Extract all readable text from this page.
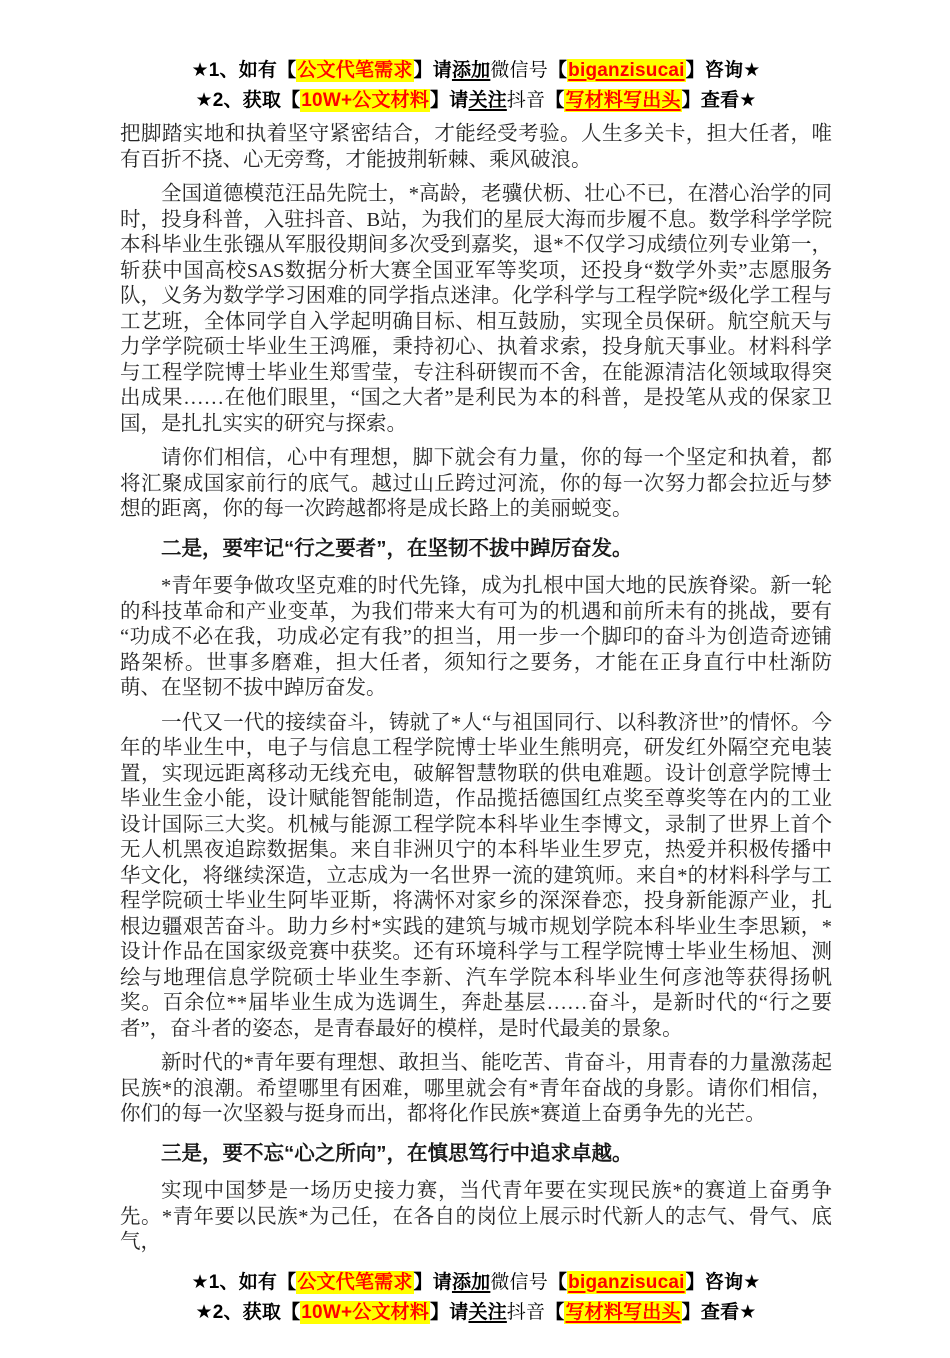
★1、如有【公文代笔需求】请添加微信号【biganzisucai】咨询★
★2、获取【10W+公文材料】请关注抖音【写材料写出头】查看★

把脚踏实地和执着坚守紧密结合，才能经受考验。人生多关卡，担大任者，唯有百折不挠、心无旁骛，才能披荆斩棘、乘风破浪。

全国道德模范汪品先院士，*高龄，老骥伏枥、壮心不已，在潜心治学的同时，投身科普，入驻抖音、B站，为我们的星辰大海而步履不息。数学科学学院本科毕业生张镪从军服役期间多次受到嘉奖，退*不仅学习成绩位列专业第一，斩获中国高校SAS数据分析大赛全国亚军等奖项，还投身“数学外卖”志愿服务队，义务为数学学习困难的同学指点迷津。化学科学与工程学院*级化学工程与工艺班，全体同学自入学起明确目标、相互鼓励，实现全员保研。航空航天与力学学院硕士毕业生王鸿雁，秉持初心、执着求索，投身航天事业。材料科学与工程学院博士毕业生郑雪莹，专注科研锲而不舍，在能源清洁化领域取得突出成果……在他们眼里，“国之大者”是利民为本的科普，是投笔从戎的保家卫国，是扎扎实实的研究与探索。

请你们相信，心中有理想，脚下就会有力量，你的每一个坚定和执着，都将汇聚成国家前行的底气。越过山丘跨过河流，你的每一次努力都会拉近与梦想的距离，你的每一次跨越都将是成长路上的美丽蜕变。

二是，要牢记“行之要者”，在坚韧不拔中踔厉奋发。

*青年要争做攻坚克难的时代先锋，成为扎根中国大地的民族脊梁。新一轮的科技革命和产业变革，为我们带来大有可为的机遇和前所未有的挑战，要有“功成不必在我，功成必定有我”的担当，用一步一个脚印的奋斗为创造奇迹铺路架桥。世事多磨难，担大任者，须知行之要务，才能在正身直行中杜渐防萌、在坚韧不拔中踔厉奋发。

一代又一代的接续奋斗，铸就了*人“与祖国同行、以科教济世”的情怀。今年的毕业生中，电子与信息工程学院博士毕业生熊明亮，研发红外隔空充电装置，实现远距离移动无线充电，破解智慧物联的供电难题。设计创意学院博士毕业生金小能，设计赋能智能制造，作品揽括德国红点奖至尊奖等在内的工业设计国际三大奖。机械与能源工程学院本科毕业生李博文，录制了世界上首个无人机黑夜追踪数据集。来自非洲贝宁的本科毕业生罗克，热爱并积极传播中华文化，将继续深造，立志成为一名世界一流的建筑师。来自*的材料科学与工程学院硕士毕业生阿毕亚斯，将满怀对家乡的深深眷恋，投身新能源产业，扎根边疆艰苦奋斗。助力乡村*实践的建筑与城市规划学院本科毕业生李思颖，*设计作品在国家级竞赛中获奖。还有环境科学与工程学院博士毕业生杨旭、测绘与地理信息学院硕士毕业生李新、汽车学院本科毕业生何彦池等获得扬帆奖。百余位**届毕业生成为选调生，奔赴基层……奋斗，是新时代的“行之要者”，奋斗者的姿态，是青春最好的模样，是时代最美的景象。

新时代的*青年要有理想、敢担当、能吃苦、肯奋斗，用青春的力量激荡起民族*的浪潮。希望哪里有困难，哪里就会有*青年奋战的身影。请你们相信，你们的每一次坚毅与挺身而出，都将化作民族*赛道上奋勇争先的光芒。

三是，要不忘“心之所向”，在慎思笃行中追求卓越。

实现中国梦是一场历史接力赛，当代青年要在实现民族*的赛道上奋勇争先。*青年要以民族*为己任，在各自的岗位上展示时代新人的志气、骨气、底气，

★1、如有【公文代笔需求】请添加微信号【biganzisucai】咨询★
★2、获取【10W+公文材料】请关注抖音【写材料写出头】查看★
